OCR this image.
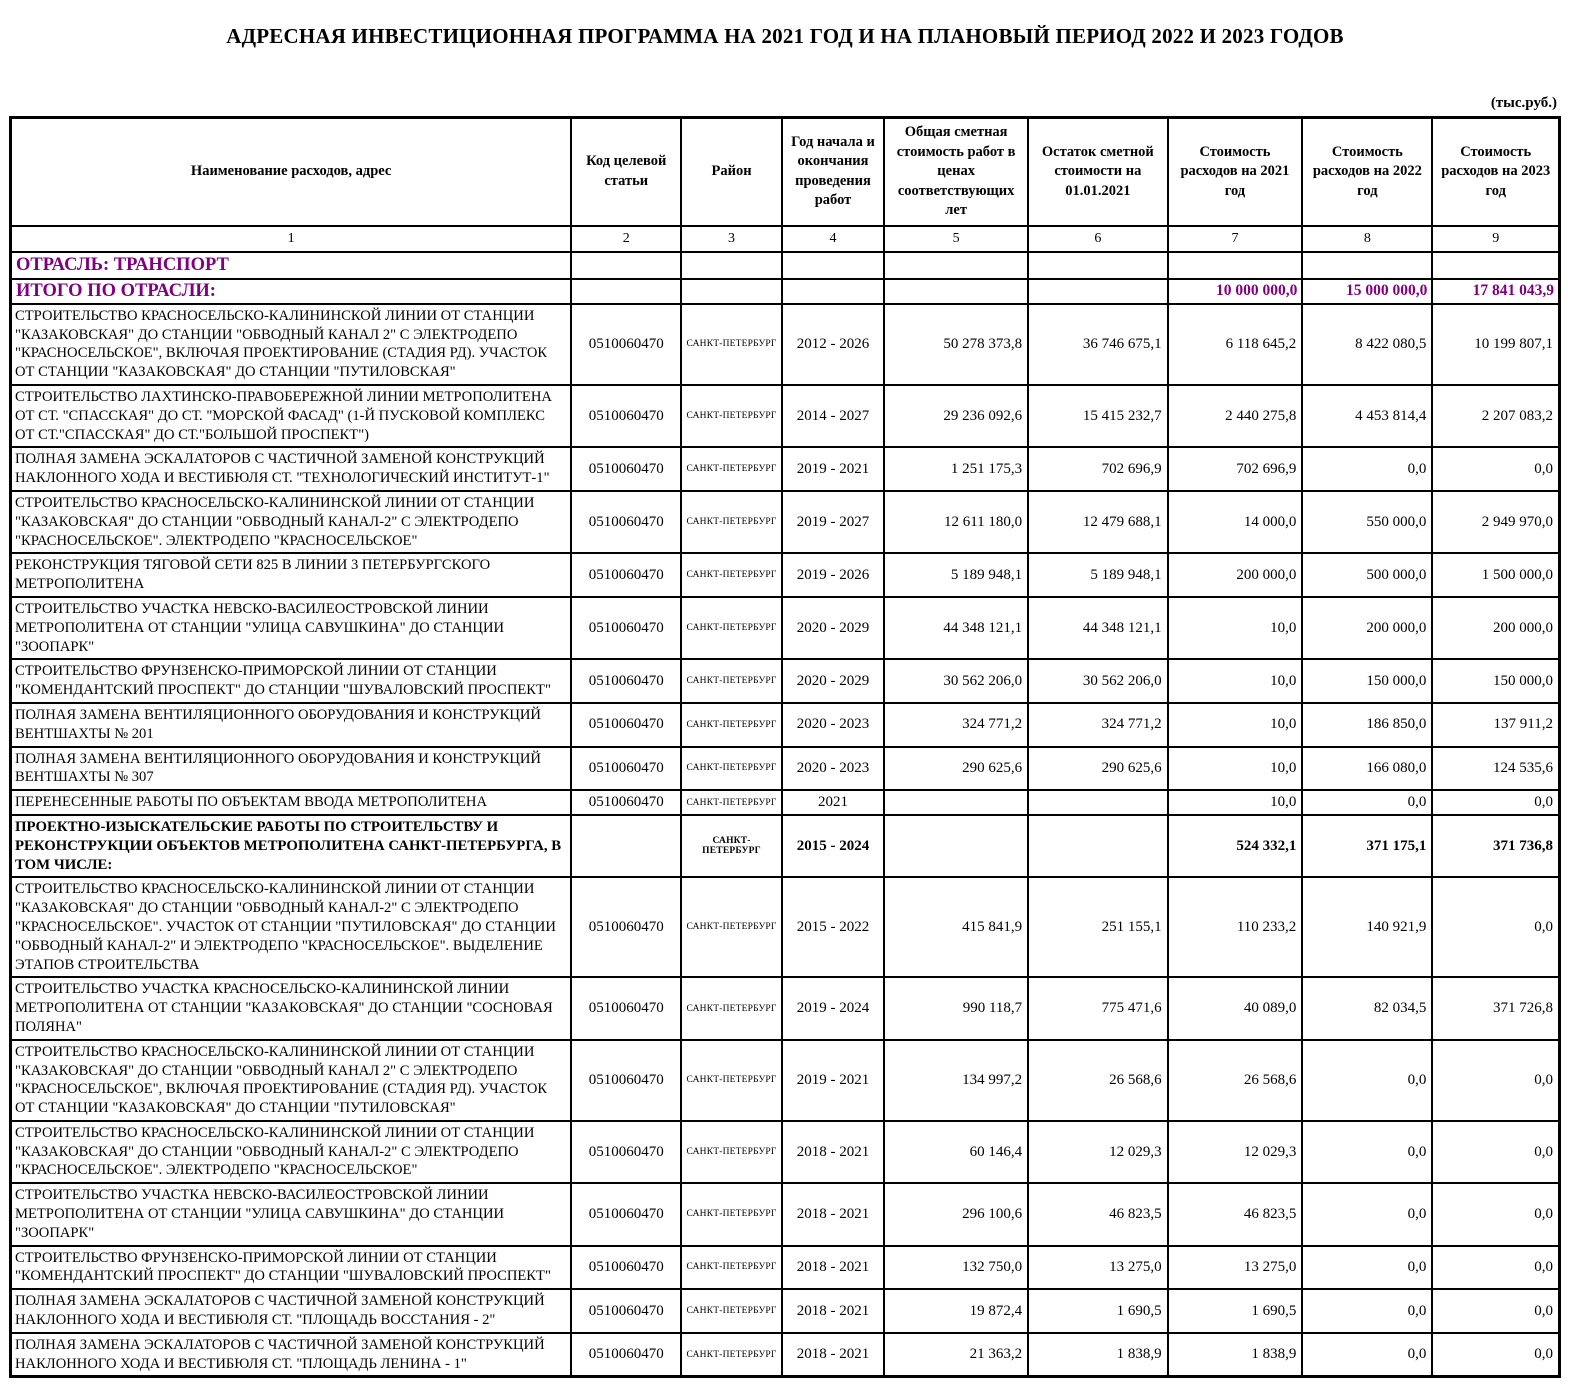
АДРЕСНАЯ ИНВЕСТИЦИОННАЯ ПРОГРАММА НА 2021 ГОД И НА ПЛАНОВЫЙ ПЕРИОД 2022 И 2023 ГОДОВ
(тыс.руб.)
Наименование расходов, адрес	Код целевой статьи	Район	Год начала и окончания проведения работ	Общая сметная стоимость работ в ценах соответствующих лет	Остаток сметной стоимости на 01.01.2021	Стоимость расходов на 2021 год	Стоимость расходов на 2022 год	Стоимость расходов на 2023 год
1	2	3	4	5	6	7	8	9
ОТРАСЛЬ: ТРАНСПОРТ								
ИТОГО ПО ОТРАСЛИ:						10 000 000,0	15 000 000,0	17 841 043,9
СТРОИТЕЛЬСТВО КРАСНОСЕЛЬСКО-КАЛИНИНСКОЙ ЛИНИИ ОТ СТАНЦИИ "КАЗАКОВСКАЯ" ДО СТАНЦИИ "ОБВОДНЫЙ КАНАЛ 2" С ЭЛЕКТРОДЕПО "КРАСНОСЕЛЬСКОЕ", ВКЛЮЧАЯ ПРОЕКТИРОВАНИЕ (СТАДИЯ РД). УЧАСТОК ОТ СТАНЦИИ "КАЗАКОВСКАЯ" ДО СТАНЦИИ "ПУТИЛОВСКАЯ"	0510060470	САНКТ-ПЕТЕРБУРГ	2012 - 2026	50 278 373,8	36 746 675,1	6 118 645,2	8 422 080,5	10 199 807,1
СТРОИТЕЛЬСТВО ЛАХТИНСКО-ПРАВОБЕРЕЖНОЙ ЛИНИИ МЕТРОПОЛИТЕНА ОТ СТ. "СПАССКАЯ" ДО СТ. "МОРСКОЙ ФАСАД" (1-Й ПУСКОВОЙ КОМПЛЕКС ОТ СТ."СПАССКАЯ" ДО СТ."БОЛЬШОЙ ПРОСПЕКТ")	0510060470	САНКТ-ПЕТЕРБУРГ	2014 - 2027	29 236 092,6	15 415 232,7	2 440 275,8	4 453 814,4	2 207 083,2
ПОЛНАЯ ЗАМЕНА ЭСКАЛАТОРОВ С ЧАСТИЧНОЙ ЗАМЕНОЙ КОНСТРУКЦИЙ НАКЛОННОГО ХОДА И ВЕСТИБЮЛЯ СТ. "ТЕХНОЛОГИЧЕСКИЙ ИНСТИТУТ-1"	0510060470	САНКТ-ПЕТЕРБУРГ	2019 - 2021	1 251 175,3	702 696,9	702 696,9	0,0	0,0
СТРОИТЕЛЬСТВО КРАСНОСЕЛЬСКО-КАЛИНИНСКОЙ ЛИНИИ ОТ СТАНЦИИ "КАЗАКОВСКАЯ" ДО СТАНЦИИ "ОБВОДНЫЙ КАНАЛ-2" С ЭЛЕКТРОДЕПО "КРАСНОСЕЛЬСКОЕ". ЭЛЕКТРОДЕПО "КРАСНОСЕЛЬСКОЕ"	0510060470	САНКТ-ПЕТЕРБУРГ	2019 - 2027	12 611 180,0	12 479 688,1	14 000,0	550 000,0	2 949 970,0
РЕКОНСТРУКЦИЯ ТЯГОВОЙ СЕТИ 825 В ЛИНИИ 3 ПЕТЕРБУРГСКОГО МЕТРОПОЛИТЕНА	0510060470	САНКТ-ПЕТЕРБУРГ	2019 - 2026	5 189 948,1	5 189 948,1	200 000,0	500 000,0	1 500 000,0
СТРОИТЕЛЬСТВО УЧАСТКА НЕВСКО-ВАСИЛЕОСТРОВСКОЙ ЛИНИИ МЕТРОПОЛИТЕНА ОТ СТАНЦИИ "УЛИЦА САВУШКИНА" ДО СТАНЦИИ "ЗООПАРК"	0510060470	САНКТ-ПЕТЕРБУРГ	2020 - 2029	44 348 121,1	44 348 121,1	10,0	200 000,0	200 000,0
СТРОИТЕЛЬСТВО ФРУНЗЕНСКО-ПРИМОРСКОЙ ЛИНИИ ОТ СТАНЦИИ "КОМЕНДАНТСКИЙ ПРОСПЕКТ" ДО СТАНЦИИ "ШУВАЛОВСКИЙ ПРОСПЕКТ"	0510060470	САНКТ-ПЕТЕРБУРГ	2020 - 2029	30 562 206,0	30 562 206,0	10,0	150 000,0	150 000,0
ПОЛНАЯ ЗАМЕНА ВЕНТИЛЯЦИОННОГО ОБОРУДОВАНИЯ И КОНСТРУКЦИЙ ВЕНТШАХТЫ № 201	0510060470	САНКТ-ПЕТЕРБУРГ	2020 - 2023	324 771,2	324 771,2	10,0	186 850,0	137 911,2
ПОЛНАЯ ЗАМЕНА ВЕНТИЛЯЦИОННОГО ОБОРУДОВАНИЯ И КОНСТРУКЦИЙ ВЕНТШАХТЫ № 307	0510060470	САНКТ-ПЕТЕРБУРГ	2020 - 2023	290 625,6	290 625,6	10,0	166 080,0	124 535,6
ПЕРЕНЕСЕННЫЕ РАБОТЫ ПО ОБЪЕКТАМ ВВОДА МЕТРОПОЛИТЕНА	0510060470	САНКТ-ПЕТЕРБУРГ	2021			10,0	0,0	0,0
ПРОЕКТНО-ИЗЫСКАТЕЛЬСКИЕ РАБОТЫ ПО СТРОИТЕЛЬСТВУ И РЕКОНСТРУКЦИИ ОБЪЕКТОВ МЕТРОПОЛИТЕНА САНКТ-ПЕТЕРБУРГА, В ТОМ ЧИСЛЕ:		САНКТ-ПЕТЕРБУРГ	2015 - 2024			524 332,1	371 175,1	371 736,8
СТРОИТЕЛЬСТВО КРАСНОСЕЛЬСКО-КАЛИНИНСКОЙ ЛИНИИ ОТ СТАНЦИИ "КАЗАКОВСКАЯ" ДО СТАНЦИИ "ОБВОДНЫЙ КАНАЛ-2" С ЭЛЕКТРОДЕПО "КРАСНОСЕЛЬСКОЕ". УЧАСТОК ОТ СТАНЦИИ "ПУТИЛОВСКАЯ" ДО СТАНЦИИ "ОБВОДНЫЙ КАНАЛ-2" И ЭЛЕКТРОДЕПО "КРАСНОСЕЛЬСКОЕ". ВЫДЕЛЕНИЕ ЭТАПОВ СТРОИТЕЛЬСТВА	0510060470	САНКТ-ПЕТЕРБУРГ	2015 - 2022	415 841,9	251 155,1	110 233,2	140 921,9	0,0
СТРОИТЕЛЬСТВО УЧАСТКА КРАСНОСЕЛЬСКО-КАЛИНИНСКОЙ ЛИНИИ МЕТРОПОЛИТЕНА ОТ СТАНЦИИ "КАЗАКОВСКАЯ" ДО СТАНЦИИ "СОСНОВАЯ ПОЛЯНА"	0510060470	САНКТ-ПЕТЕРБУРГ	2019 - 2024	990 118,7	775 471,6	40 089,0	82 034,5	371 726,8
СТРОИТЕЛЬСТВО КРАСНОСЕЛЬСКО-КАЛИНИНСКОЙ ЛИНИИ ОТ СТАНЦИИ "КАЗАКОВСКАЯ" ДО СТАНЦИИ "ОБВОДНЫЙ КАНАЛ 2" С ЭЛЕКТРОДЕПО "КРАСНОСЕЛЬСКОЕ", ВКЛЮЧАЯ ПРОЕКТИРОВАНИЕ (СТАДИЯ РД). УЧАСТОК ОТ СТАНЦИИ "КАЗАКОВСКАЯ" ДО СТАНЦИИ "ПУТИЛОВСКАЯ"	0510060470	САНКТ-ПЕТЕРБУРГ	2019 - 2021	134 997,2	26 568,6	26 568,6	0,0	0,0
СТРОИТЕЛЬСТВО КРАСНОСЕЛЬСКО-КАЛИНИНСКОЙ ЛИНИИ ОТ СТАНЦИИ "КАЗАКОВСКАЯ" ДО СТАНЦИИ "ОБВОДНЫЙ КАНАЛ-2" С ЭЛЕКТРОДЕПО "КРАСНОСЕЛЬСКОЕ". ЭЛЕКТРОДЕПО "КРАСНОСЕЛЬСКОЕ"	0510060470	САНКТ-ПЕТЕРБУРГ	2018 - 2021	60 146,4	12 029,3	12 029,3	0,0	0,0
СТРОИТЕЛЬСТВО УЧАСТКА НЕВСКО-ВАСИЛЕОСТРОВСКОЙ ЛИНИИ МЕТРОПОЛИТЕНА ОТ СТАНЦИИ "УЛИЦА САВУШКИНА" ДО СТАНЦИИ "ЗООПАРК"	0510060470	САНКТ-ПЕТЕРБУРГ	2018 - 2021	296 100,6	46 823,5	46 823,5	0,0	0,0
СТРОИТЕЛЬСТВО ФРУНЗЕНСКО-ПРИМОРСКОЙ ЛИНИИ ОТ СТАНЦИИ "КОМЕНДАНТСКИЙ ПРОСПЕКТ" ДО СТАНЦИИ "ШУВАЛОВСКИЙ ПРОСПЕКТ"	0510060470	САНКТ-ПЕТЕРБУРГ	2018 - 2021	132 750,0	13 275,0	13 275,0	0,0	0,0
ПОЛНАЯ ЗАМЕНА ЭСКАЛАТОРОВ С ЧАСТИЧНОЙ ЗАМЕНОЙ КОНСТРУКЦИЙ НАКЛОННОГО ХОДА И ВЕСТИБЮЛЯ СТ. "ПЛОЩАДЬ ВОССТАНИЯ - 2"	0510060470	САНКТ-ПЕТЕРБУРГ	2018 - 2021	19 872,4	1 690,5	1 690,5	0,0	0,0
ПОЛНАЯ ЗАМЕНА ЭСКАЛАТОРОВ С ЧАСТИЧНОЙ ЗАМЕНОЙ КОНСТРУКЦИЙ НАКЛОННОГО ХОДА И ВЕСТИБЮЛЯ СТ. "ПЛОЩАДЬ ЛЕНИНА - 1"	0510060470	САНКТ-ПЕТЕРБУРГ	2018 - 2021	21 363,2	1 838,9	1 838,9	0,0	0,0
